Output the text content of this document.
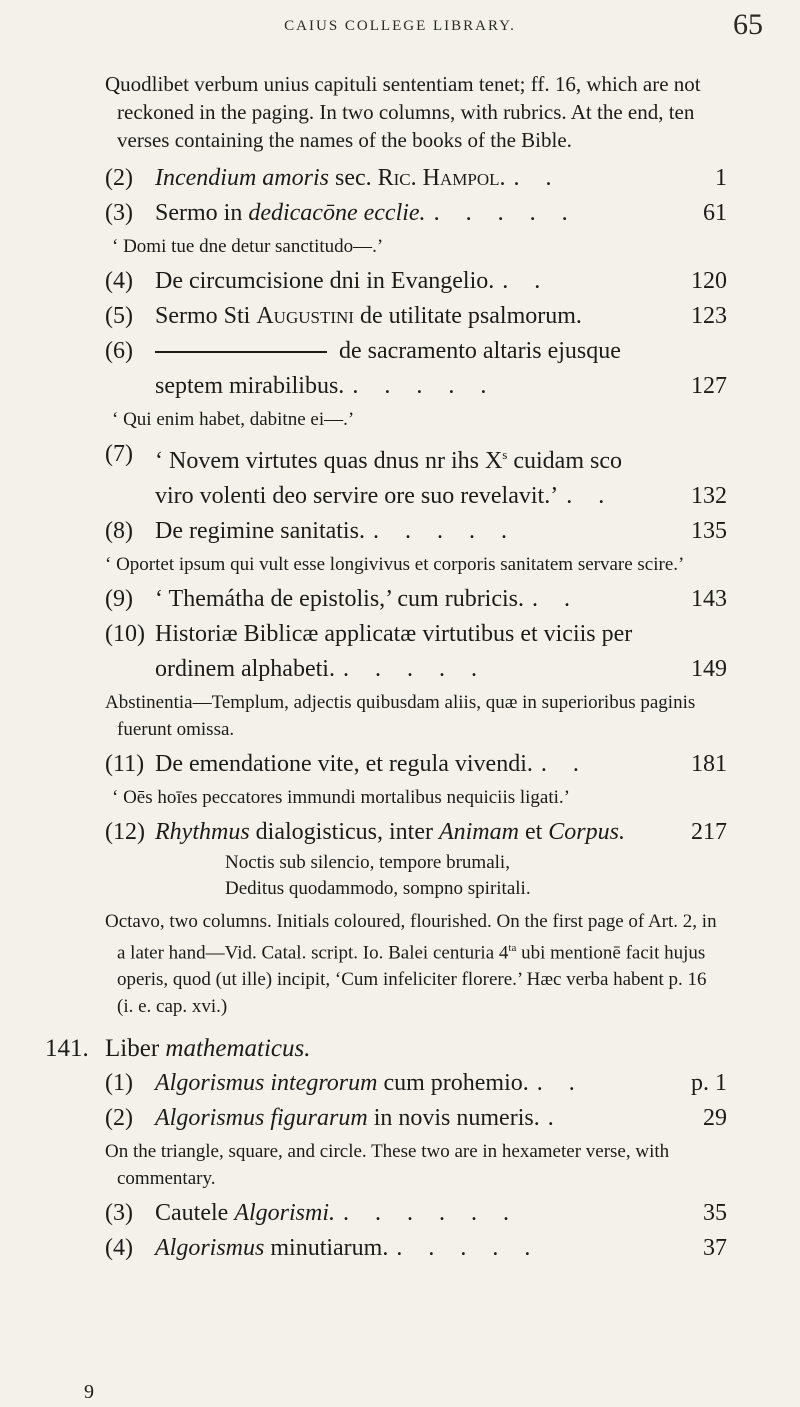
CAIUS COLLEGE LIBRARY.	65

Quodlibet verbum unius capituli sententiam tenet; ff. 16, which are not reckoned in the paging. In two columns, with rubrics. At the end, ten verses containing the names of the books of the Bible.

(2) Incendium amoris sec. Ric. Hampol. . .	1
(3) Sermo in dedicacōne ecclie. . . . . .	61
‘ Domi tue dne detur sanctitudo—.’
(4) De circumcisione dni in Evangelio. . .	120
(5) Sermo Sti Augustini de utilitate psalmorum.	123
(6)	de sacramento altaris ejusque septem mirabilibus. . . . . .	127
‘ Qui enim habet, dabitne ei—.’
(7) ‘ Novem virtutes quas dnus nr ihs $X^s$ cuidam sco viro volenti deo servire ore suo revelavit.’ . .	132
(8) De regimine sanitatis. . . . . .	135
‘ Oportet ipsum qui vult esse longivivus et corporis sanitatem servare scire.’
(9) ‘ Themátha de epistolis,’ cum rubricis. . .	143
(10) Historiæ Biblicæ applicatæ virtutibus et viciis per ordinem alphabeti. . . . . .	149
Abstinentia—Templum, adjectis quibusdam aliis, quæ in superioribus paginis fuerunt omissa.
(11) De emendatione vite, et regula vivendi. . .	181
‘ Oēs hoīes peccatores immundi mortalibus nequiciis ligati.’
(12) Rhythmus dialogisticus, inter Animam et Corpus.	217
Noctis sub silencio, tempore brumali,
Deditus quodammodo, sompno spiritali.

Octavo, two columns. Initials coloured, flourished. On the first page of Art. 2, in a later hand—Vid. Catal. script. Io. Balei centuria $4^{ta}$ ubi mentionē facit hujus operis, quod (ut ille) incipit, ‘Cum infeliciter florere.’ Hæc verba habent p. 16 (i. e. cap. xvi.)

141. Liber mathematicus.
(1) Algorismus integrorum cum prohemio. . .	p. 1
(2) Algorismus figurarum in novis numeris. .	29
On the triangle, square, and circle. These two are in hexameter verse, with commentary.
(3) Cautele Algorismi. . . . . . .	35
(4) Algorismus minutiarum. . . . . .	37
9
